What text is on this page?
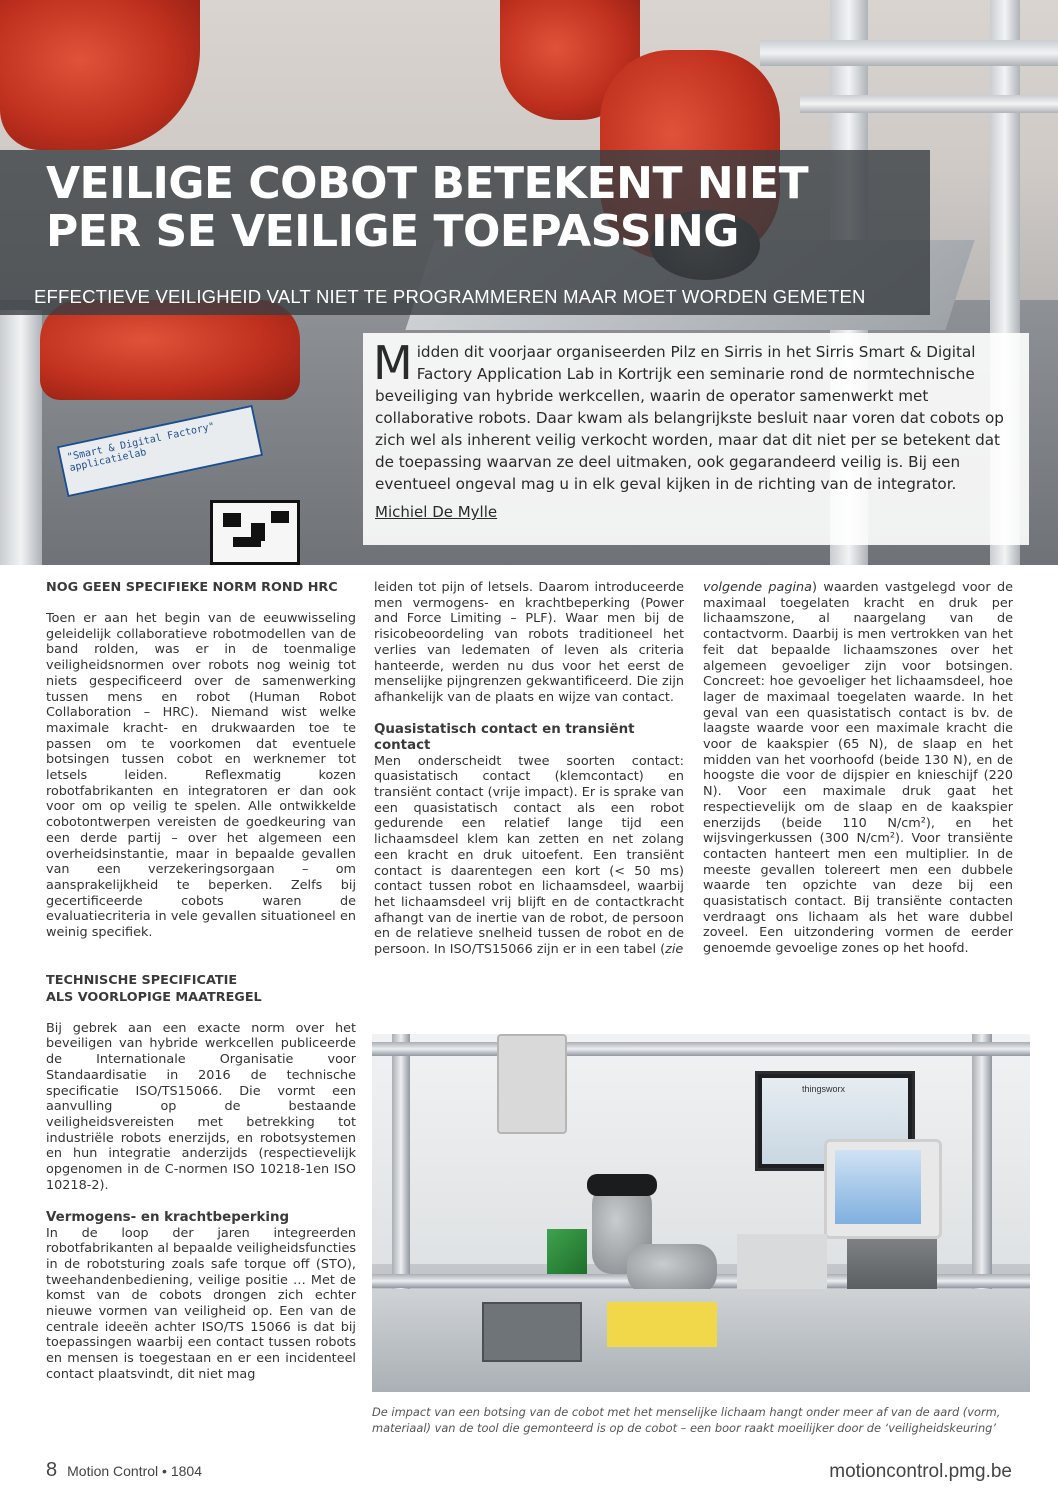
"Smart & Digital Factory" applicatielab
VEILIGE COBOT BETEKENT NIET PER SE VEILIGE TOEPASSING
EFFECTIEVE VEILIGHEID VALT NIET TE PROGRAMMEREN MAAR MOET WORDEN GEMETEN
Midden dit voorjaar organiseerden Pilz en Sirris in het Sirris Smart & Digital Factory Application Lab in Kortrijk een seminarie rond de normtechnische beveiliging van hybride werkcellen, waarin de operator samenwerkt met collaborative robots. Daar kwam als belangrijkste besluit naar voren dat cobots op zich wel als inherent veilig verkocht worden, maar dat dit niet per se betekent dat de toepassing waarvan ze deel uitmaken, ook gegarandeerd veilig is. Bij een eventueel ongeval mag u in elk geval kijken in de richting van de integrator.
Michiel De Mylle
NOG GEEN SPECIFIEKE NORM ROND HRC

Toen er aan het begin van de eeuwwisseling geleidelijk collaboratieve robotmodellen van de band rolden, was er in de toenmalige veiligheidsnormen over robots nog weinig tot niets gespecificeerd over de samenwerking tussen mens en robot (Human Robot Collaboration – HRC). Niemand wist welke maximale kracht- en drukwaarden toe te passen om te voorkomen dat eventuele botsingen tussen cobot en werknemer tot letsels leiden. Reflexmatig kozen robotfabrikanten en integratoren er dan ook voor om op veilig te spelen. Alle ontwikkelde cobotontwerpen vereisten de goedkeuring van een derde partij – over het algemeen een overheidsinstantie, maar in bepaalde gevallen van een verzekeringsorgaan – om aansprakelijkheid te beperken. Zelfs bij gecertificeerde cobots waren de evaluatiecriteria in vele gevallen situationeel en weinig specifiek.

TECHNISCHE SPECIFICATIE
ALS VOORLOPIGE MAATREGEL

Bij gebrek aan een exacte norm over het beveiligen van hybride werkcellen publiceerde de Internationale Organisatie voor Standaardisatie in 2016 de technische specificatie ISO/TS15066. Die vormt een aanvulling op de bestaande veiligheidsvereisten met betrekking tot industriële robots enerzijds, en robotsystemen en hun integratie anderzijds (respectievelijk opgenomen in de C-normen ISO 10218-1en ISO 10218-2).

Vermogens- en krachtbeperking

In de loop der jaren integreerden robotfabrikanten al bepaalde veiligheidsfuncties in de robotsturing zoals safe torque off (STO), tweehandenbediening, veilige positie … Met de komst van de cobots drongen zich echter nieuwe vormen van veiligheid op. Een van de centrale ideeën achter ISO/TS 15066 is dat bij toepassingen waarbij een contact tussen robots en mensen is toegestaan en er een incidenteel contact plaatsvindt, dit niet mag

leiden tot pijn of letsels. Daarom introduceerde men vermogens- en krachtbeperking (Power and Force Limiting – PLF). Waar men bij de risicobeoordeling van robots traditioneel het verlies van ledematen of leven als criteria hanteerde, werden nu dus voor het eerst de menselijke pijngrenzen gekwantificeerd. Die zijn afhankelijk van de plaats en wijze van contact.

Quasistatisch contact en transiënt contact

Men onderscheidt twee soorten contact: quasistatisch contact (klemcontact) en transiënt contact (vrije impact). Er is sprake van een quasistatisch contact als een robot gedurende een relatief lange tijd een lichaamsdeel klem kan zetten en net zolang een kracht en druk uitoefent. Een transiënt contact is daarentegen een kort (< 50 ms) contact tussen robot en lichaamsdeel, waarbij het lichaamsdeel vrij blijft en de contactkracht afhangt van de inertie van de robot, de persoon en de relatieve snelheid tussen de robot en de persoon. In ISO/TS15066 zijn er in een tabel (zie

volgende pagina) waarden vastgelegd voor de maximaal toegelaten kracht en druk per lichaamszone, al naargelang van de contactvorm. Daarbij is men vertrokken van het feit dat bepaalde lichaamszones over het algemeen gevoeliger zijn voor botsingen. Concreet: hoe gevoeliger het lichaamsdeel, hoe lager de maximaal toegelaten waarde. In het geval van een quasistatisch contact is bv. de laagste waarde voor een maximale kracht die voor de kaakspier (65 N), de slaap en het midden van het voorhoofd (beide 130 N), en de hoogste die voor de dijspier en knieschijf (220 N). Voor een maximale druk gaat het respectievelijk om de slaap en de kaakspier enerzijds (beide 110 N/cm²), en het wijsvingerkussen (300 N/cm²). Voor transiënte contacten hanteert men een multiplier. In de meeste gevallen tolereert men een dubbele waarde ten opzichte van deze bij een quasistatisch contact. Bij transiënte contacten verdraagt ons lichaam als het ware dubbel zoveel. Een uitzondering vormen de eerder genoemde gevoelige zones op het hoofd.

thingsworx
De impact van een botsing van de cobot met het menselijke lichaam hangt onder meer af van de aard (vorm, materiaal) van de tool die gemonteerd is op de cobot – een boor raakt moeilijker door de ‘veiligheidskeuring’
8 Motion Control • 1804	motioncontrol.pmg.be
